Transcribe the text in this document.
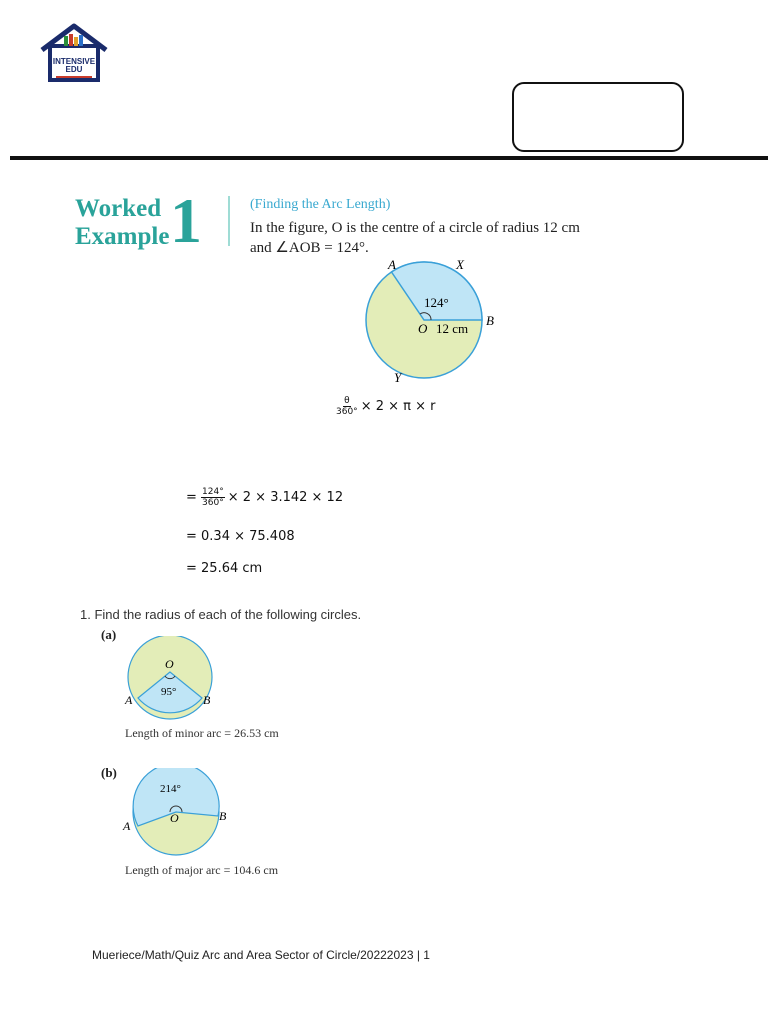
INTENSIVE
EDU
Worked
Example 1	(Finding the Arc Length)
In the figure, O is the centre of a circle of radius 12 cm
and ∠AOB = 124°.
A	X
B
O
Y
124°
12 cm
$\frac{\theta}{360^\circ} \times 2 \times \pi \times r$
= $\frac{124^\circ}{360^\circ} \times 2 \times 3.142 \times 12$
= 0.34 × 75.408
= 25.64 cm
1. Find the radius of each of the following circles.
(a)
O
95°
A	B
Length of minor arc = 26.53 cm
(b)
214°
O
A
B
Length of major arc = 104.6 cm
Mueriece/Math/Quiz Arc and Area Sector of Circle/20222023 | 1
